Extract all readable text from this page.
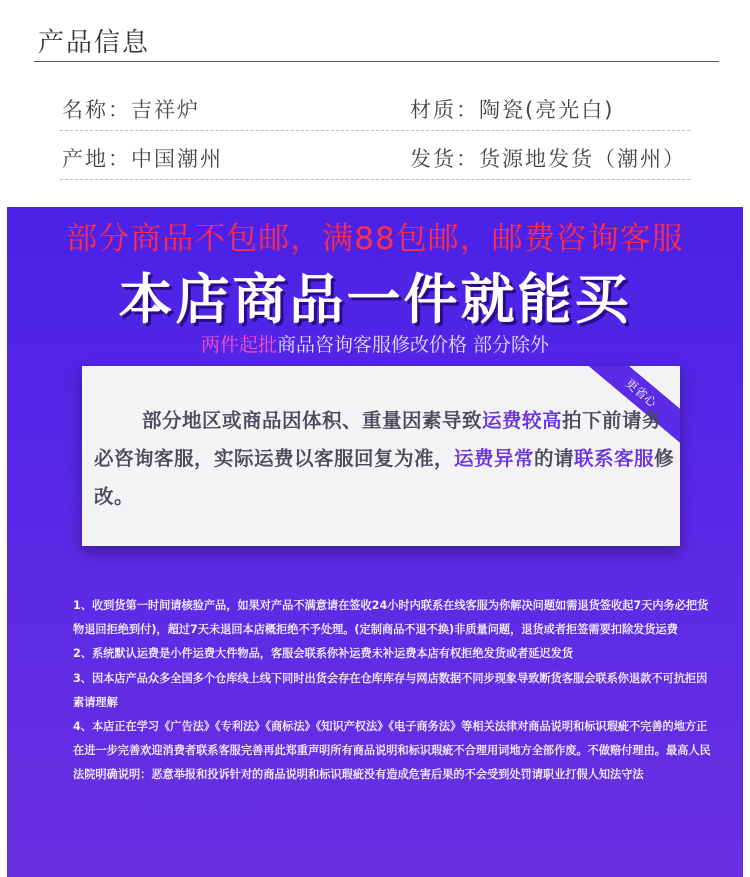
产品信息
名称：吉祥炉	材质：陶瓷(亮光白)
产地：中国潮州	发货：货源地发货（潮州）
部分商品不包邮，满88包邮，邮费咨询客服
本店商品一件就能买
两件起批商品咨询客服修改价格 部分除外
更省心
部分地区或商品因体积、重量因素导致运费较高拍下前请务必咨询客服，实际运费以客服回复为准，运费异常的请联系客服修改。

1、收到货第一时间请核验产品，如果对产品不满意请在签收24小时内联系在线客服为你解决问题如需退货签收起7天内务必把货物退回拒绝到付)，超过7天未退回本店概拒绝不予处理。(定制商品不退不换)非质量问题，退货或者拒签需要扣除发货运费

2、系统默认运费是小件运费大件物品，客服会联系你补运费未补运费本店有权拒绝发货或者延迟发货

3、因本店产品众多全国多个仓库线上线下同时出货会存在仓库库存与网店数据不同步现象导致断货客服会联系你退款不可抗拒因素请理解

4、本店正在学习《广告法》《专利法》《商标法》《知识产权法》《电子商务法》等相关法律对商品说明和标识瑕疵不完善的地方正在进一步完善欢迎消费者联系客服完善再此郑重声明所有商品说明和标识瑕疵不合理用词地方全部作废。不做赔付理由。最高人民法院明确说明：恶意举报和投诉针对的商品说明和标识瑕疵没有造成危害后果的不会受到处罚请职业打假人知法守法
